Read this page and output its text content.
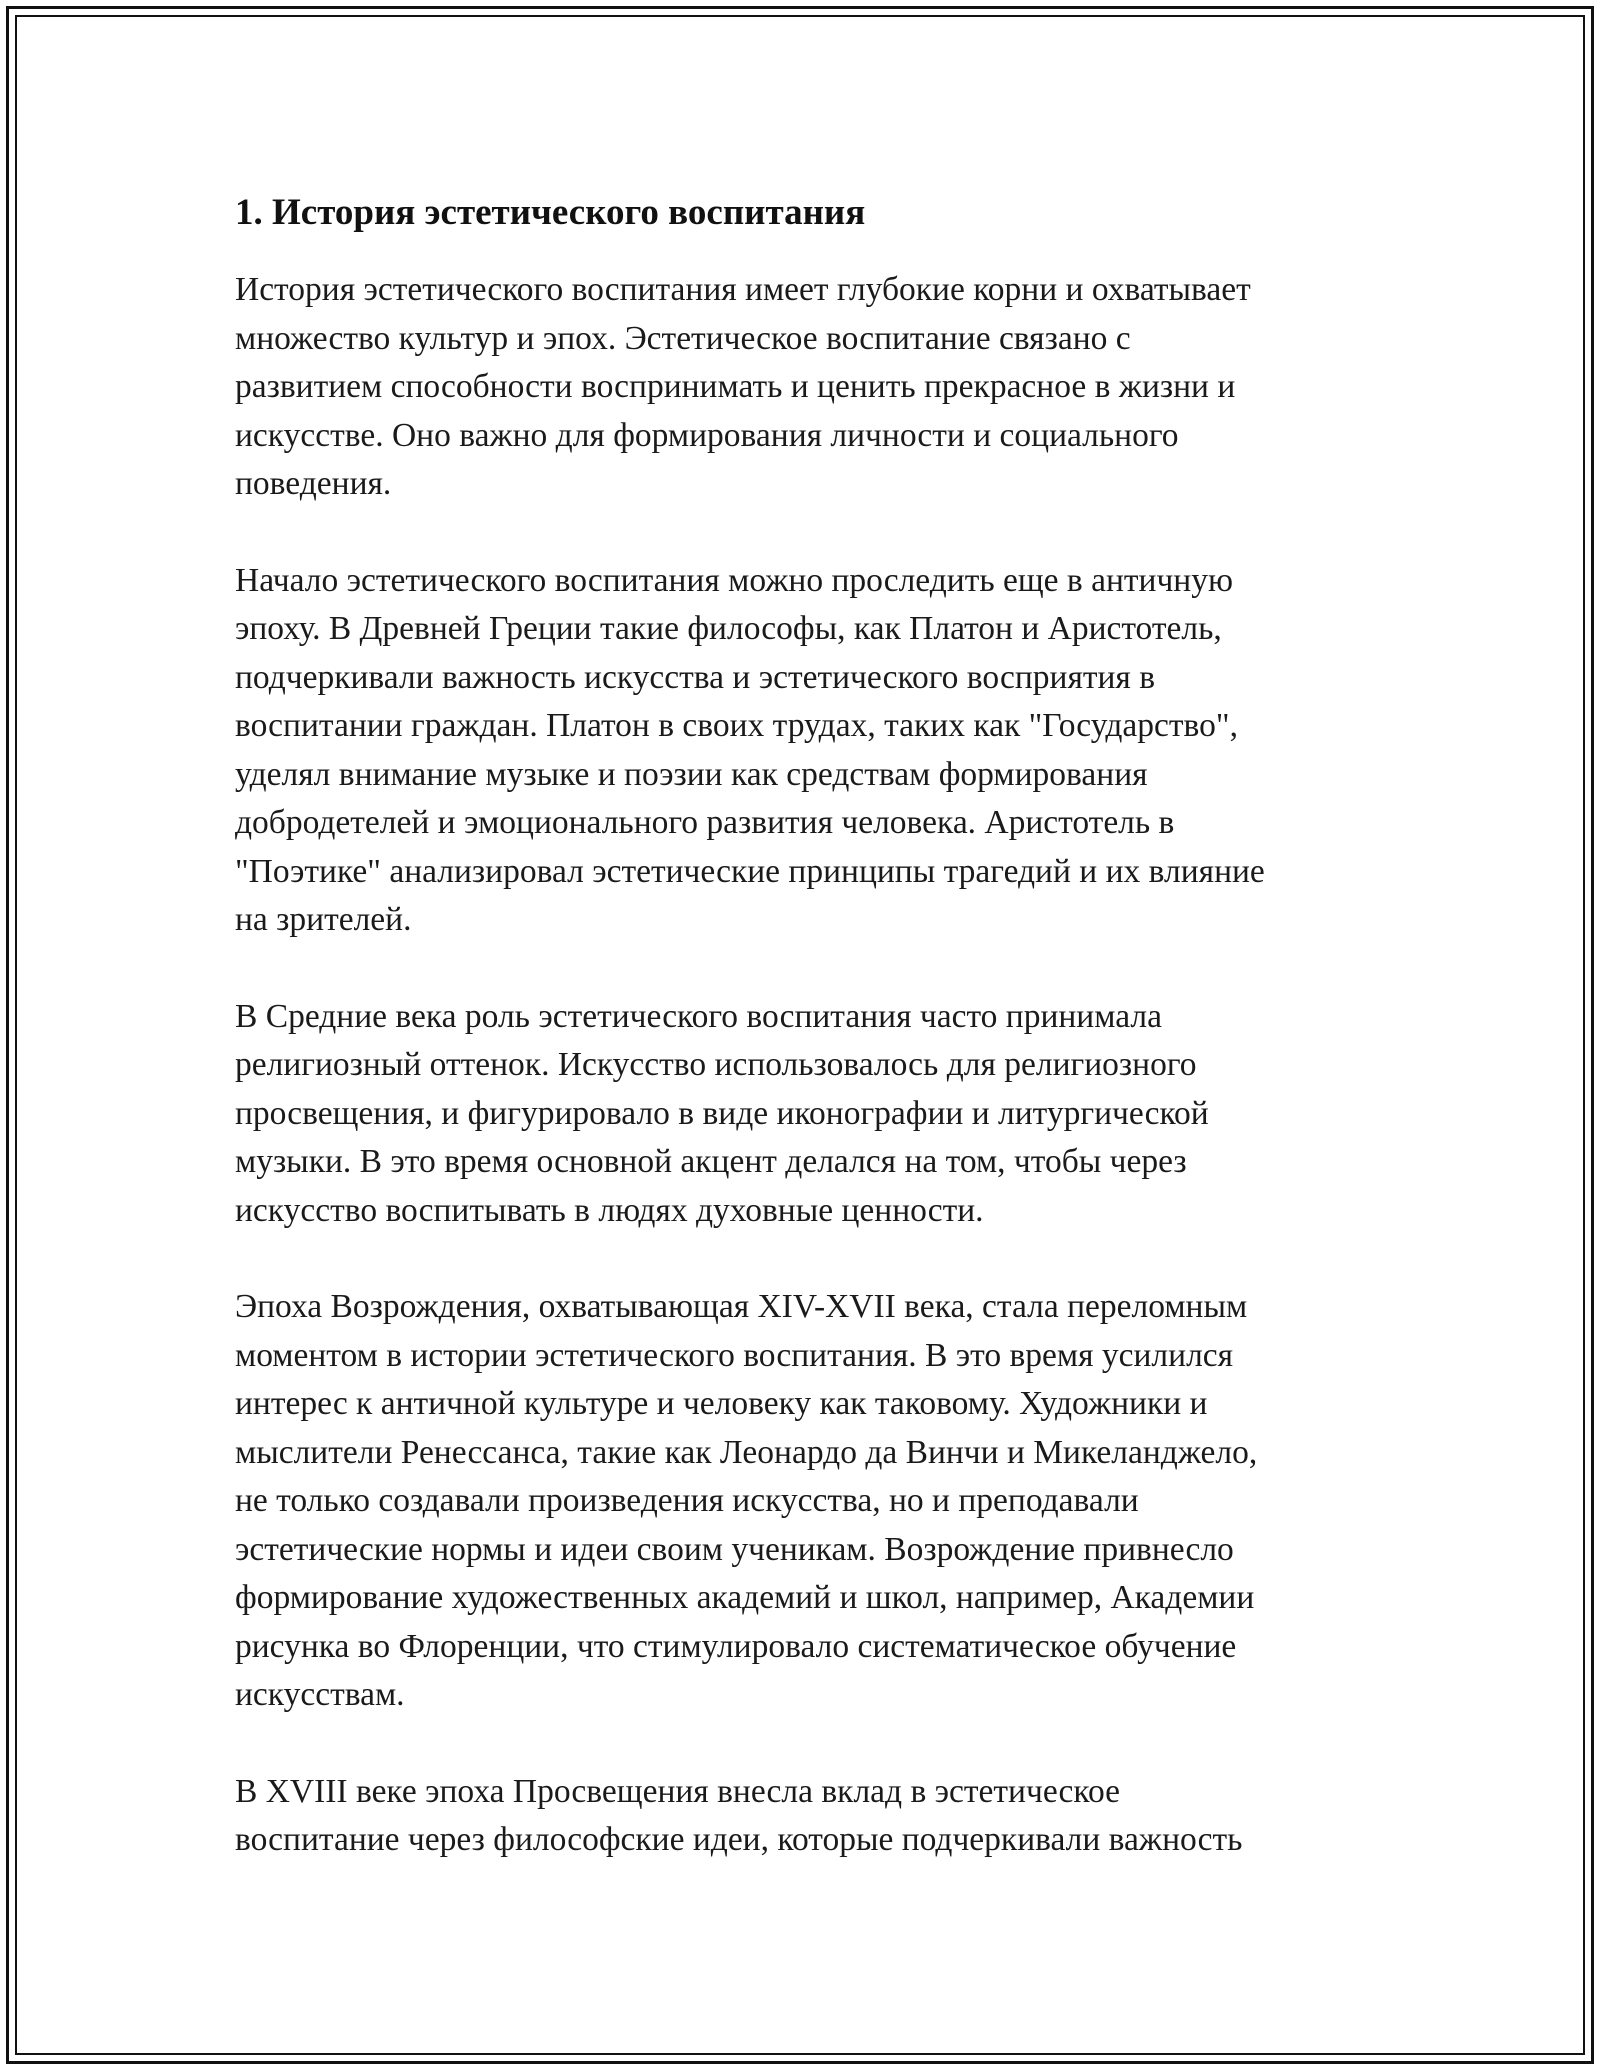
1. История эстетического воспитания

История эстетического воспитания имеет глубокие корни и охватывает
множество культур и эпох. Эстетическое воспитание связано с
развитием способности воспринимать и ценить прекрасное в жизни и
искусстве. Оно важно для формирования личности и социального
поведения.

Начало эстетического воспитания можно проследить еще в античную
эпоху. В Древней Греции такие философы, как Платон и Аристотель,
подчеркивали важность искусства и эстетического восприятия в
воспитании граждан. Платон в своих трудах, таких как "Государство",
уделял внимание музыке и поэзии как средствам формирования
добродетелей и эмоционального развития человека. Аристотель в
"Поэтике" анализировал эстетические принципы трагедий и их влияние
на зрителей.

В Средние века роль эстетического воспитания часто принимала
религиозный оттенок. Искусство использовалось для религиозного
просвещения, и фигурировало в виде иконографии и литургической
музыки. В это время основной акцент делался на том, чтобы через
искусство воспитывать в людях духовные ценности.

Эпоха Возрождения, охватывающая XIV-XVII века, стала переломным
моментом в истории эстетического воспитания. В это время усилился
интерес к античной культуре и человеку как таковому. Художники и
мыслители Ренессанса, такие как Леонардо да Винчи и Микеланджело,
не только создавали произведения искусства, но и преподавали
эстетические нормы и идеи своим ученикам. Возрождение привнесло
формирование художественных академий и школ, например, Академии
рисунка во Флоренции, что стимулировало систематическое обучение
искусствам.

В XVIII веке эпоха Просвещения внесла вклад в эстетическое
воспитание через философские идеи, которые подчеркивали важность
